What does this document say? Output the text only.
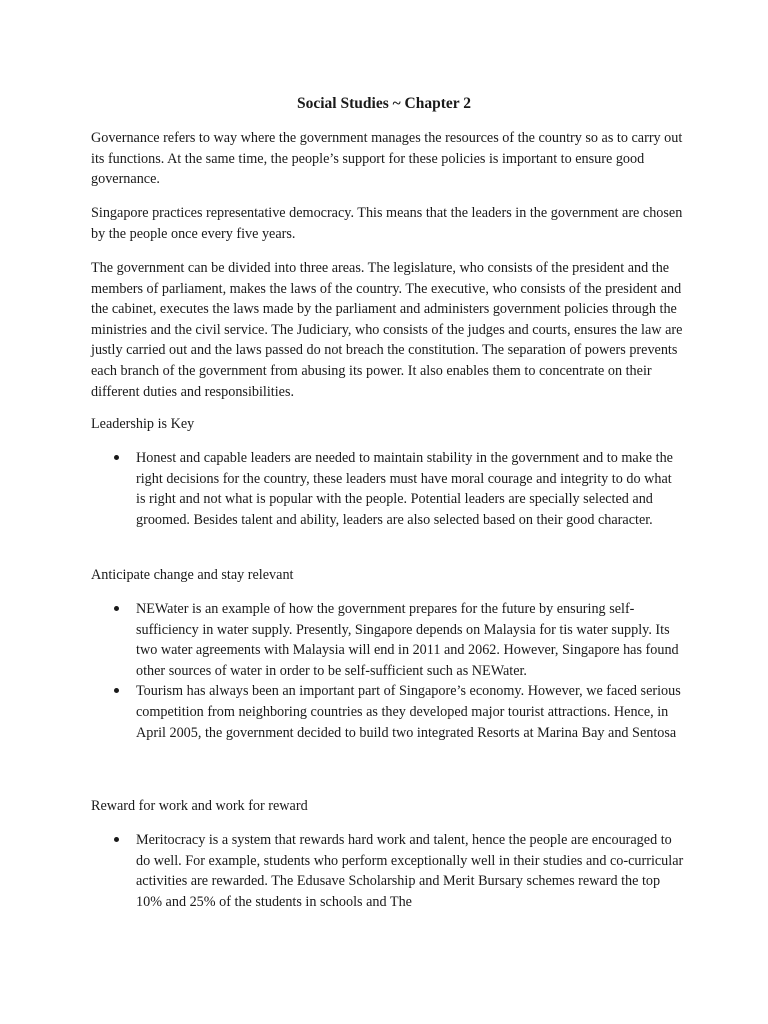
Social Studies ~ Chapter 2

Governance refers to way where the government manages the resources of the country so as to carry out its functions. At the same time, the people’s support for these policies is important to ensure good governance.

Singapore practices representative democracy. This means that the leaders in the government are chosen by the people once every five years.

The government can be divided into three areas. The legislature, who consists of the president and the members of parliament, makes the laws of the country. The executive, who consists of the president and the cabinet, executes the laws made by the parliament and administers government policies through the ministries and the civil service. The Judiciary, who consists of the judges and courts, ensures the law are justly carried out and the laws passed do not breach the constitution. The separation of powers prevents each branch of the government from abusing its power. It also enables them to concentrate on their different duties and responsibilities.

Leadership is Key

Honest and capable leaders are needed to maintain stability in the government and to make the right decisions for the country, these leaders must have moral courage and integrity to do what is right and not what is popular with the people. Potential leaders are specially selected and groomed. Besides talent and ability, leaders are also selected based on their good character.

Anticipate change and stay relevant

NEWater is an example of how the government prepares for the future by ensuring self-sufficiency in water supply. Presently, Singapore depends on Malaysia for tis water supply. Its two water agreements with Malaysia will end in 2011 and 2062. However, Singapore has found other sources of water in order to be self-sufficient such as NEWater.
Tourism has always been an important part of Singapore’s economy. However, we faced serious competition from neighboring countries as they developed major tourist attractions. Hence, in April 2005, the government decided to build two integrated Resorts at Marina Bay and Sentosa

Reward for work and work for reward

Meritocracy is a system that rewards hard work and talent, hence the people are encouraged to do well. For example, students who perform exceptionally well in their studies and co-curricular activities are rewarded. The Edusave Scholarship and Merit Bursary schemes reward the top 10% and 25% of the students in schools and The
